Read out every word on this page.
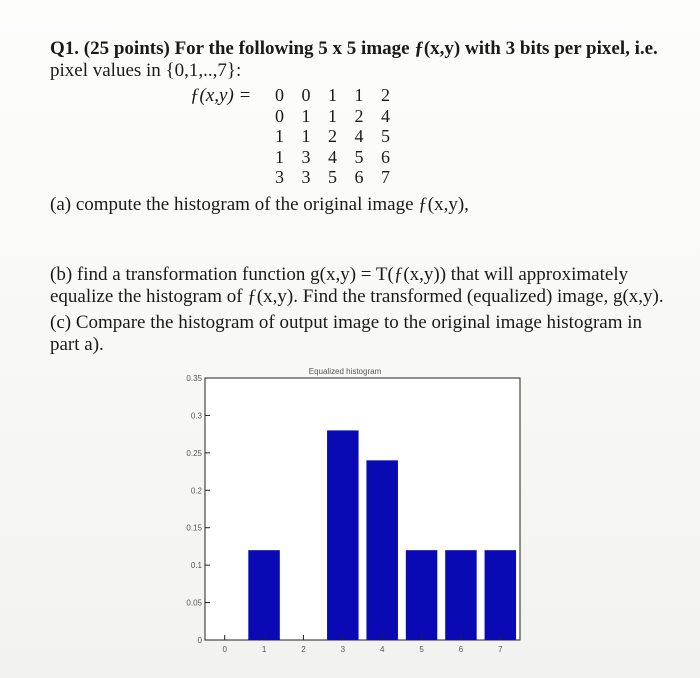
Q1. (25 points) For the following 5 x 5 image ƒ(x,y) with 3 bits per pixel, i.e.
pixel values in {0,1,..,7}:
ƒ(x,y) = 0 0 1 1 2
0 1 1 2 4
1 1 2 4 5
1 3 4 5 6
3 3 5 6 7
(a) compute the histogram of the original image ƒ(x,y),
(b) find a transformation function g(x,y) = T(ƒ(x,y)) that will approximately
equalize the histogram of ƒ(x,y). Find the transformed (equalized) image, g(x,y).
(c) Compare the histogram of output image to the original image histogram in
part a).
Equalized histogram
0
0.05
0.1
0.15
0.2
0.25
0.3
0.35
0	1	2	3	4	5	6	7
